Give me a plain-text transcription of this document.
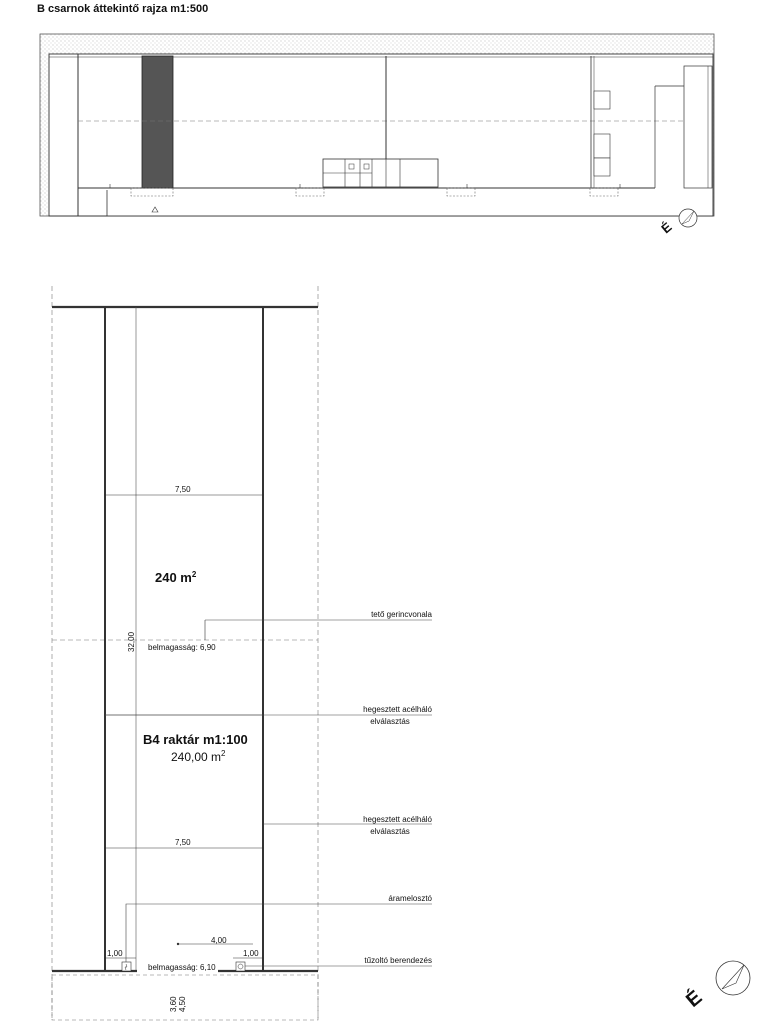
B csarnok áttekintő rajza m1:500
É
7,50
7,50
32,00
240 $m^2$
B4 raktár m1:100
240,00 $m^2$
belmagasság: 6,90
belmagasság: 6,10
4,00
1,00	1,00
3,60 4,50
tető gerincvonala
hegesztett acélháló
elválasztás
hegesztett acélháló
elválasztás
áramelosztó
tűzoltó berendezés
É
